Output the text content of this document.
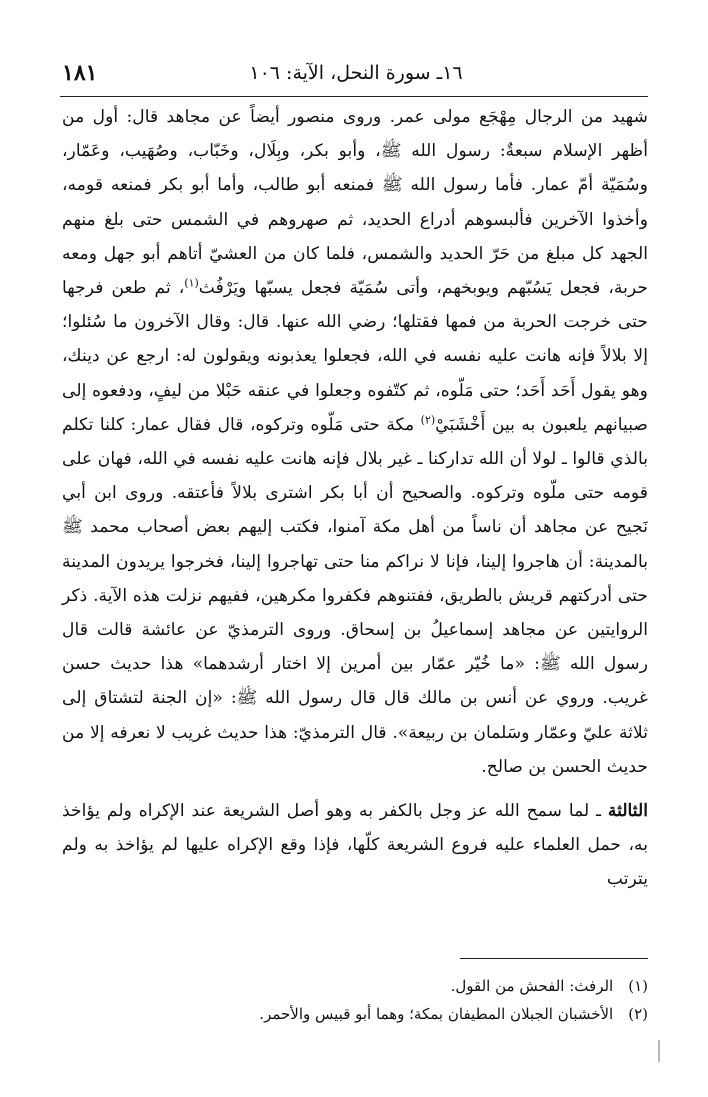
١٨١	١٦ـ سورة النحل، الآية: ١٠٦

شهيد من الرجال مِهْجَع مولى عمر. وروى منصور أيضاً عن مجاهد قال: أول من أظهر الإسلام سبعةٌ: رسول الله ﷺ، وأبو بكر، وبِلَال، وخَبّاب، وصُهَيب، وعَمّار، وسُمَيّة أمّ عمار. فأما رسول الله ﷺ فمنعه أبو طالب، وأما أبو بكر فمنعه قومه، وأخذوا الآخرين فألبسوهم أدراع الحديد، ثم صهروهم في الشمس حتى بلغ منهم الجهد كل مبلغ من حَرّ الحديد والشمس، فلما كان من العشيّ أتاهم أبو جهل ومعه حربة، فجعل يَسُبّهم ويوبخهم، وأتى سُمَيّة فجعل يسبّها ويَرْفُث$^{(١)}$، ثم طعن فرجها حتى خرجت الحربة من فمها فقتلها؛ رضي الله عنها. قال: وقال الآخرون ما سُئلوا؛ إلا بلالاً فإنه هانت عليه نفسه في الله، فجعلوا يعذبونه ويقولون له: ارجع عن دينك، وهو يقول أَحَد أَحَد؛ حتى مَلّوه، ثم كتّفوه وجعلوا في عنقه حَبْلا من ليفٍ، ودفعوه إلى صبيانهم يلعبون به بين أَخْشَبَيْ$^{(٢)}$ مكة حتى مَلّوه وتركوه، قال فقال عمار: كلنا تكلم بالذي قالوا ـ لولا أن الله تداركنا ـ غير بلال فإنه هانت عليه نفسه في الله، فهان على قومه حتى ملّوه وتركوه. والصحيح أن أبا بكر اشترى بلالاً فأعتقه. وروى ابن أبي نَجيح عن مجاهد أن ناساً من أهل مكة آمنوا، فكتب إليهم بعض أصحاب محمد ﷺ بالمدينة: أن هاجروا إلينا، فإنا لا نراكم منا حتى تهاجروا إلينا، فخرجوا يريدون المدينة حتى أدركتهم قريش بالطريق، ففتنوهم فكفروا مكرهين، ففيهم نزلت هذه الآية. ذكر الروايتين عن مجاهد إسماعيلُ بن إسحاق. وروى الترمذيّ عن عائشة قالت قال رسول الله ﷺ: «ما خُيّر عمّار بين أمرين إلا اختار أرشدهما» هذا حديث حسن غريب. وروي عن أنس بن مالك قال قال رسول الله ﷺ: «إن الجنة لتشتاق إلى ثلاثة عليّ وعمّار وسَلمان بن ربيعة». قال الترمذيّ: هذا حديث غريب لا نعرفه إلا من حديث الحسن بن صالح.

الثالثة ـ لما سمح الله عز وجل بالكفر به وهو أصل الشريعة عند الإكراه ولم يؤاخذ به، حمل العلماء عليه فروع الشريعة كلّها، فإذا وقع الإكراه عليها لم يؤاخذ به ولم يترتب

(١) الرفث: الفحش من القول.

(٢) الأخشبان الجبلان المطيفان بمكة؛ وهما أبو قبيس والأحمر.
